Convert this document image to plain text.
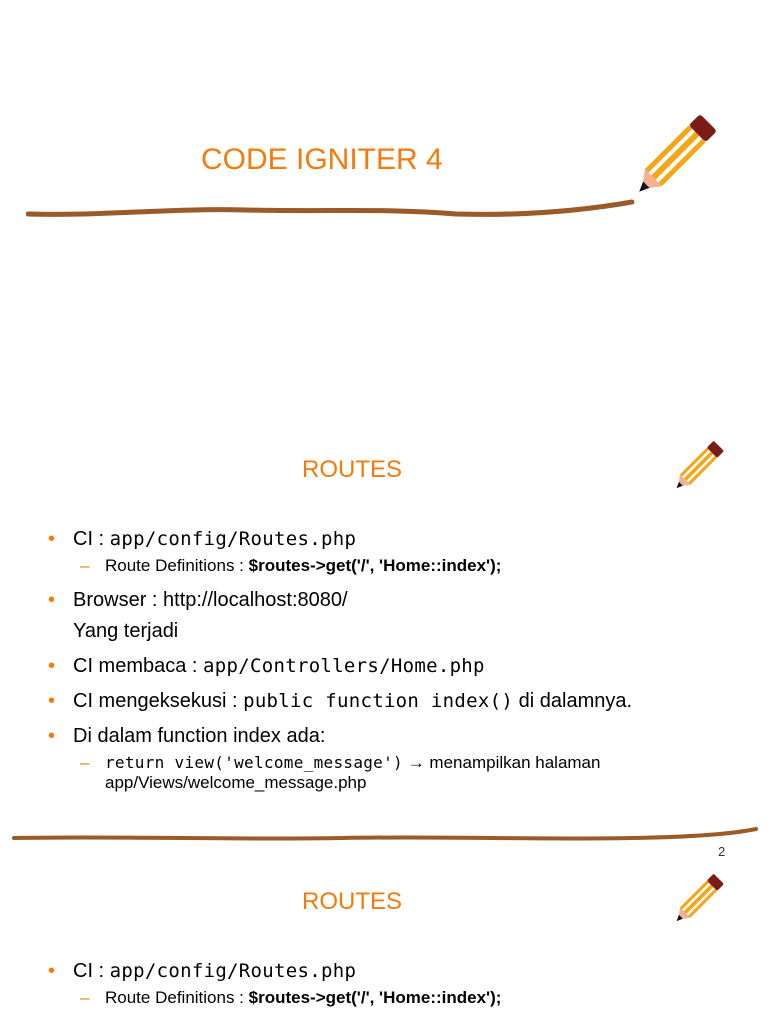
CODE IGNITER 4
ROUTES
• CI : app/config/Routes.php
– Route Definitions : $routes->get('/', 'Home::index');
• Browser : http://localhost:8080/
Yang terjadi
• CI membaca : app/Controllers/Home.php
• CI mengeksekusi : public function index() di dalamnya.
• Di dalam function index ada:
– return view('welcome_message') → menampilkan halaman
app/Views/welcome_message.php
2
ROUTES
• CI : app/config/Routes.php
– Route Definitions : $routes->get('/', 'Home::index');
